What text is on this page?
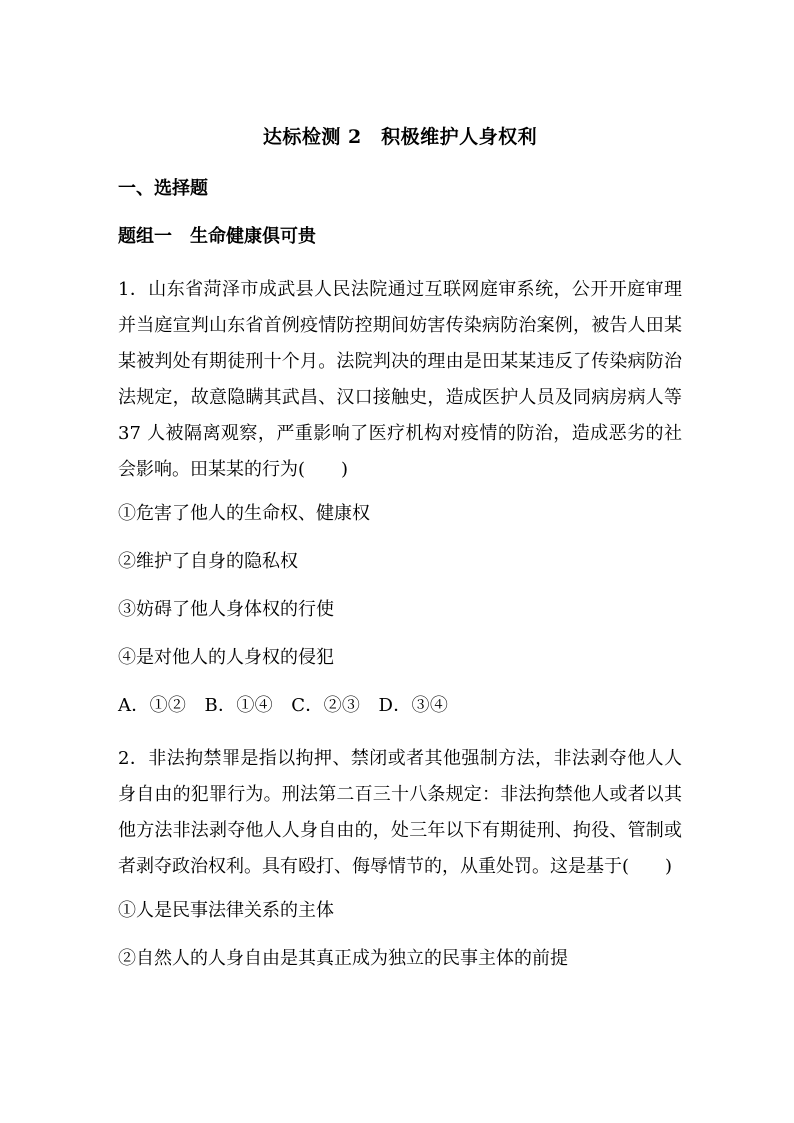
达标检测 2　积极维护人身权利
一、选择题
题组一　生命健康俱可贵
1．山东省菏泽市成武县人民法院通过互联网庭审系统，公开开庭审理并当庭宣判山东省首例疫情防控期间妨害传染病防治案例，被告人田某某被判处有期徒刑十个月。法院判决的理由是田某某违反了传染病防治法规定，故意隐瞒其武昌、汉口接触史，造成医护人员及同病房病人等 37 人被隔离观察，严重影响了医疗机构对疫情的防治，造成恶劣的社会影响。田某某的行为(　　)
①危害了他人的生命权、健康权
②维护了自身的隐私权
③妨碍了他人身体权的行使
④是对他人的人身权的侵犯
A．①②　B．①④　C．②③　D．③④
2．非法拘禁罪是指以拘押、禁闭或者其他强制方法，非法剥夺他人人身自由的犯罪行为。刑法第二百三十八条规定：非法拘禁他人或者以其他方法非法剥夺他人人身自由的，处三年以下有期徒刑、拘役、管制或者剥夺政治权利。具有殴打、侮辱情节的，从重处罚。这是基于(　　)
①人是民事法律关系的主体
②自然人的人身自由是其真正成为独立的民事主体的前提
